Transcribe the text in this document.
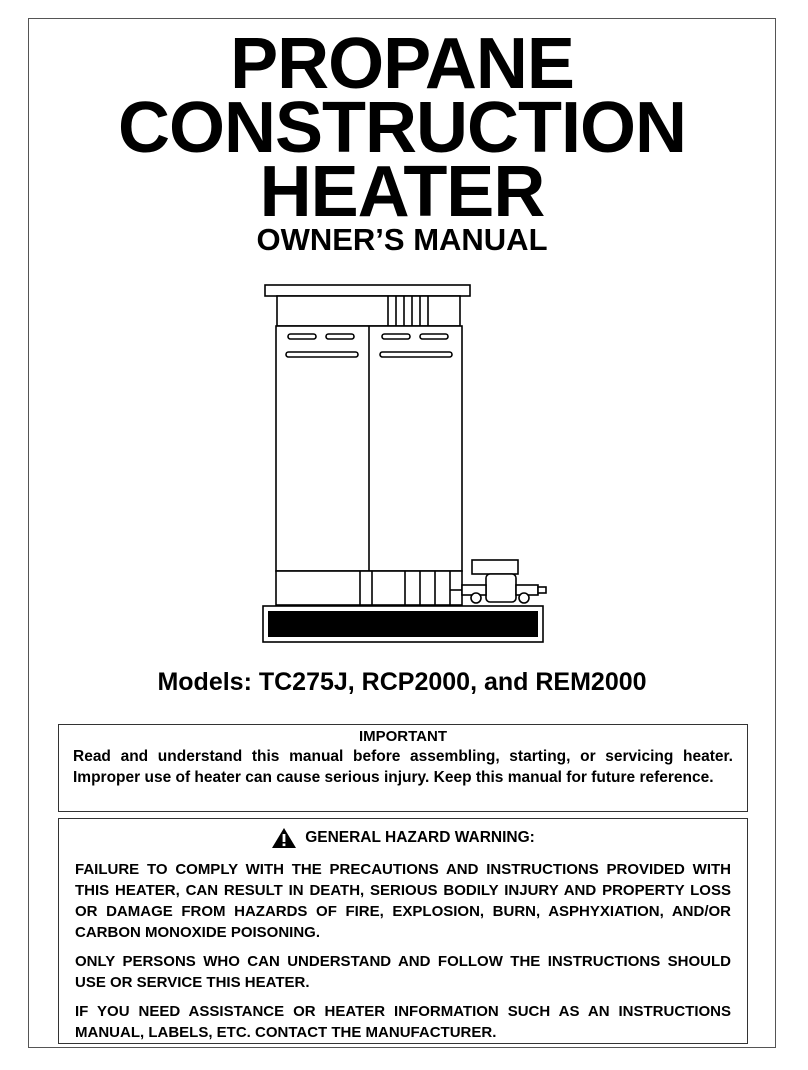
PROPANE
CONSTRUCTION
HEATER
OWNER’S MANUAL
Models: TC275J, RCP2000, and REM2000

IMPORTANT

Read and understand this manual before assembling, starting, or servicing heater. Improper use of heater can cause serious injury. Keep this manual for future reference.

GENERAL HAZARD WARNING:

FAILURE TO COMPLY WITH THE PRECAUTIONS AND INSTRUCTIONS PROVIDED WITH THIS HEATER, CAN RESULT IN DEATH, SERIOUS BODILY INJURY AND PROPERTY LOSS OR DAMAGE FROM HAZARDS OF FIRE, EXPLOSION, BURN, ASPHYXIATION, AND/OR CARBON MONOXIDE POISONING.

ONLY PERSONS WHO CAN UNDERSTAND AND FOLLOW THE INSTRUCTIONS SHOULD USE OR SERVICE THIS HEATER.

IF YOU NEED ASSISTANCE OR HEATER INFORMATION SUCH AS AN INSTRUCTIONS MANUAL, LABELS, ETC. CONTACT THE MANUFACTURER.
